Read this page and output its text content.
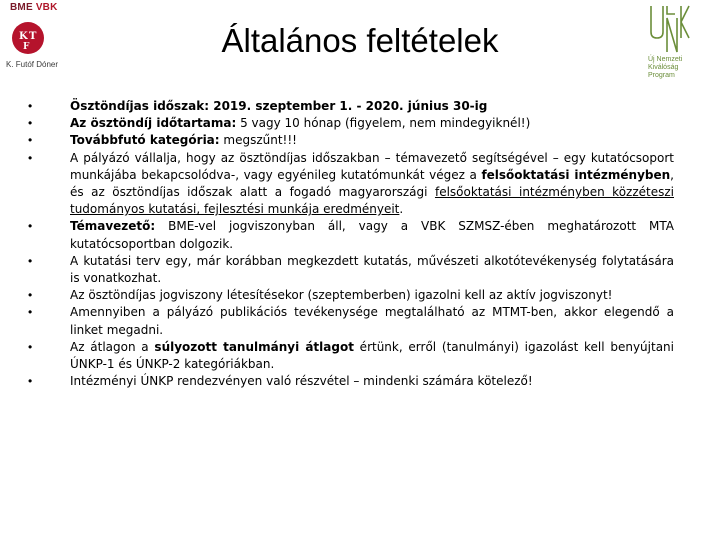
BME VBK
K T
F
K. Futóf Dóner
Új Nemzeti
Kiválóság Program
Általános feltételek
•	Ösztöndíjas időszak: 2019. szeptember 1. - 2020. június 30-ig
•	Az ösztöndíj időtartama: 5 vagy 10 hónap (figyelem, nem mindegyiknél!)
•	Továbbfutó kategória: megszűnt!!!
•	A pályázó vállalja, hogy az ösztöndíjas időszakban – témavezető segítségével – egy kutatócsoport munkájába bekapcsolódva-, vagy egyénileg kutatómunkát végez a felsőoktatási intézményben, és az ösztöndíjas időszak alatt a fogadó magyarországi felsőoktatási intézményben közzéteszi tudományos kutatási, fejlesztési munkája eredményeit.
•	Témavezető: BME-vel jogviszonyban áll, vagy a VBK SZMSZ-ében meghatározott MTA kutatócsoportban dolgozik.
•	A kutatási terv egy, már korábban megkezdett kutatás, művészeti alkotótevékenység folytatására is vonatkozhat.
•	Az ösztöndíjas jogviszony létesítésekor (szeptemberben) igazolni kell az aktív jogviszonyt!
•	Amennyiben a pályázó publikációs tevékenysége megtalálható az MTMT-ben, akkor elegendő a linket megadni.
•	Az átlagon a súlyozott tanulmányi átlagot értünk, erről (tanulmányi) igazolást kell benyújtani ÚNKP-1 és ÚNKP-2 kategóriákban.
•	Intézményi ÚNKP rendezvényen való részvétel – mindenki számára kötelező!
